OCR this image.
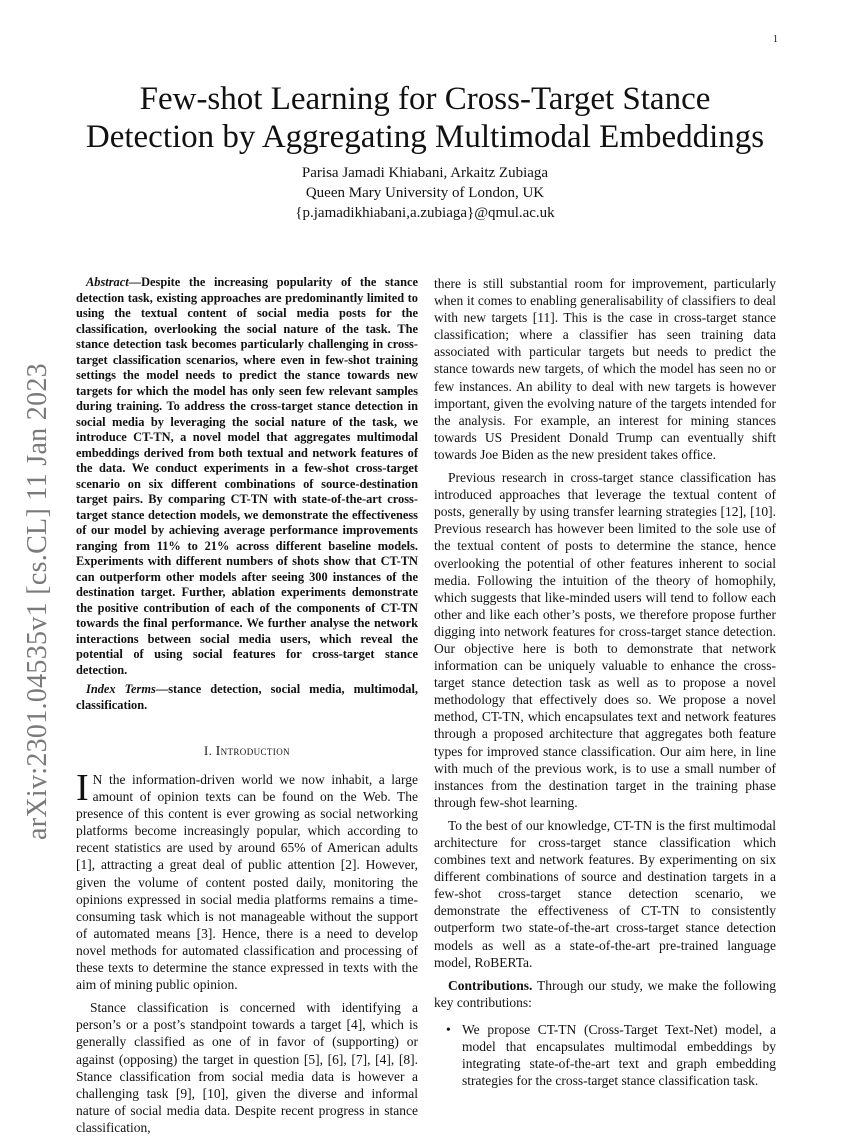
1
arXiv:2301.04535v1 [cs.CL] 11 Jan 2023
Few-shot Learning for Cross-Target Stance
Detection by Aggregating Multimodal Embeddings
Parisa Jamadi Khiabani, Arkaitz Zubiaga
Queen Mary University of London, UK
{p.jamadikhiabani,a.zubiaga}@qmul.ac.uk

Abstract—Despite the increasing popularity of the stance detection task, existing approaches are predominantly limited to using the textual content of social media posts for the classification, overlooking the social nature of the task. The stance detection task becomes particularly challenging in cross-target classification scenarios, where even in few-shot training settings the model needs to predict the stance towards new targets for which the model has only seen few relevant samples during training. To address the cross-target stance detection in social media by leveraging the social nature of the task, we introduce CT-TN, a novel model that aggregates multimodal embeddings derived from both textual and network features of the data. We conduct experiments in a few-shot cross-target scenario on six different combinations of source-destination target pairs. By comparing CT-TN with state-of-the-art cross-target stance detection models, we demonstrate the effectiveness of our model by achieving average performance improvements ranging from 11% to 21% across different baseline models. Experiments with different numbers of shots show that CT-TN can outperform other models after seeing 300 instances of the destination target. Further, ablation experiments demonstrate the positive contribution of each of the components of CT-TN towards the final performance. We further analyse the network interactions between social media users, which reveal the potential of using social features for cross-target stance detection.

Index Terms—stance detection, social media, multimodal, classification.

I. Introduction

I N the information-driven world we now inhabit, a large amount of opinion texts can be found on the Web. The presence of this content is ever growing as social networking platforms become increasingly popular, which according to recent statistics are used by around 65% of American adults [1], attracting a great deal of public attention [2]. However, given the volume of content posted daily, monitoring the opinions expressed in social media platforms remains a time-consuming task which is not manageable without the support of automated means [3]. Hence, there is a need to develop novel methods for automated classification and processing of these texts to determine the stance expressed in texts with the aim of mining public opinion.

Stance classification is concerned with identifying a person’s or a post’s standpoint towards a target [4], which is generally classified as one of in favor of (supporting) or against (opposing) the target in question [5], [6], [7], [4], [8]. Stance classification from social media data is however a challenging task [9], [10], given the diverse and informal nature of social media data. Despite recent progress in stance classification,

there is still substantial room for improvement, particularly when it comes to enabling generalisability of classifiers to deal with new targets [11]. This is the case in cross-target stance classification; where a classifier has seen training data associated with particular targets but needs to predict the stance towards new targets, of which the model has seen no or few instances. An ability to deal with new targets is however important, given the evolving nature of the targets intended for the analysis. For example, an interest for mining stances towards US President Donald Trump can eventually shift towards Joe Biden as the new president takes office.

Previous research in cross-target stance classification has introduced approaches that leverage the textual content of posts, generally by using transfer learning strategies [12], [10]. Previous research has however been limited to the sole use of the textual content of posts to determine the stance, hence overlooking the potential of other features inherent to social media. Following the intuition of the theory of homophily, which suggests that like-minded users will tend to follow each other and like each other’s posts, we therefore propose further digging into network features for cross-target stance detection. Our objective here is both to demonstrate that network information can be uniquely valuable to enhance the cross-target stance detection task as well as to propose a novel methodology that effectively does so. We propose a novel method, CT-TN, which encapsulates text and network features through a proposed architecture that aggregates both feature types for improved stance classification. Our aim here, in line with much of the previous work, is to use a small number of instances from the destination target in the training phase through few-shot learning.

To the best of our knowledge, CT-TN is the first multimodal architecture for cross-target stance classification which combines text and network features. By experimenting on six different combinations of source and destination targets in a few-shot cross-target stance detection scenario, we demonstrate the effectiveness of CT-TN to consistently outperform two state-of-the-art cross-target stance detection models as well as a state-of-the-art pre-trained language model, RoBERTa.

Contributions. Through our study, we make the following key contributions:

• We propose CT-TN (Cross-Target Text-Net) model, a model that encapsulates multimodal embeddings by integrating state-of-the-art text and graph embedding strategies for the cross-target stance classification task.
